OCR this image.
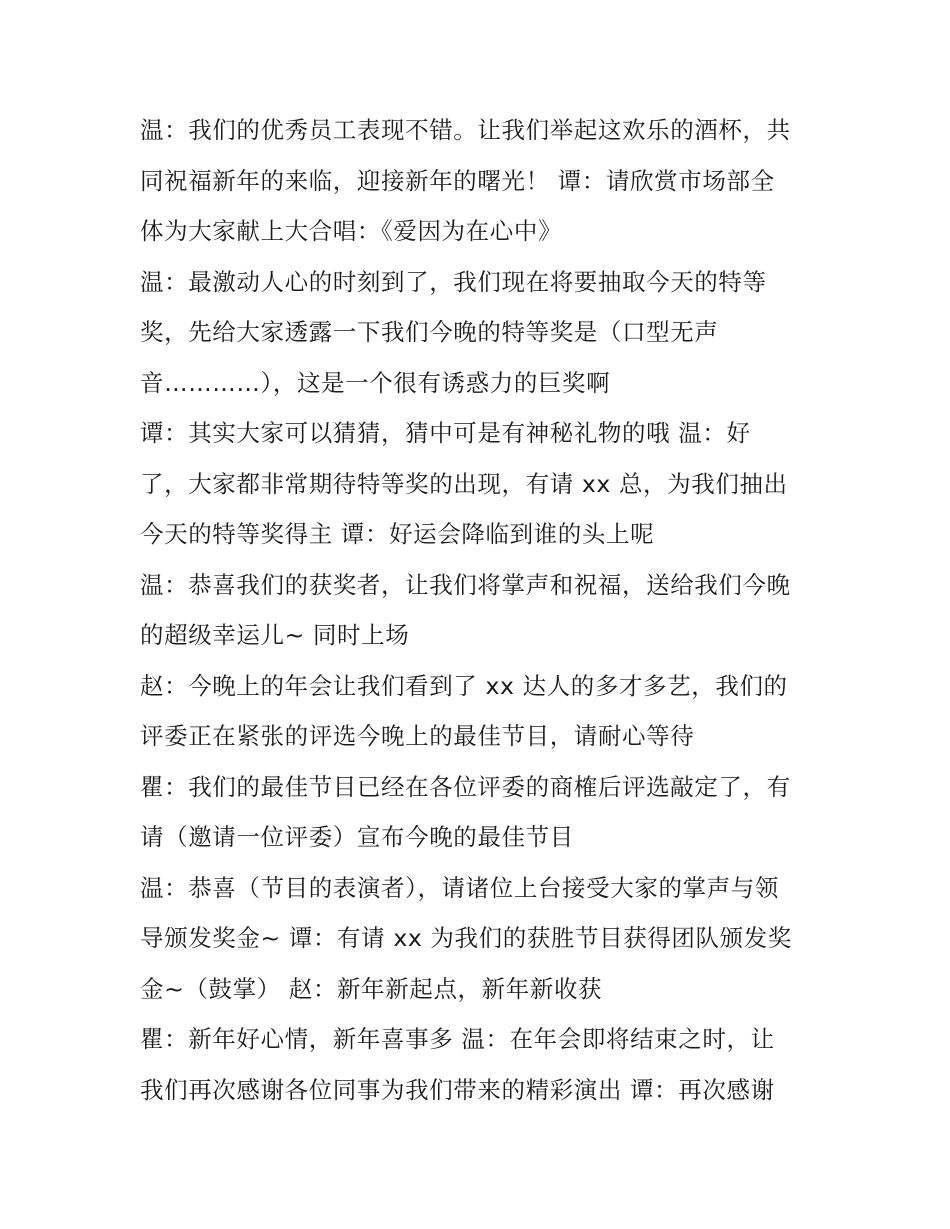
温：我们的优秀员工表现不错。让我们举起这欢乐的酒杯，共
同祝福新年的来临，迎接新年的曙光！ 谭：请欣赏市场部全
体为大家献上大合唱：《爱因为在心中》
温：最激动人心的时刻到了，我们现在将要抽取今天的特等
奖，先给大家透露一下我们今晚的特等奖是（口型无声
音…………），这是一个很有诱惑力的巨奖啊
谭：其实大家可以猜猜，猜中可是有神秘礼物的哦 温：好
了，大家都非常期待特等奖的出现，有请 xx 总，为我们抽出
今天的特等奖得主 谭：好运会降临到谁的头上呢
温：恭喜我们的获奖者，让我们将掌声和祝福，送给我们今晚
的超级幸运儿~ 同时上场
赵：今晚上的年会让我们看到了 xx 达人的多才多艺，我们的
评委正在紧张的评选今晚上的最佳节目，请耐心等待
瞿：我们的最佳节目已经在各位评委的商榷后评选敲定了，有
请（邀请一位评委）宣布今晚的最佳节目
温：恭喜（节目的表演者），请诸位上台接受大家的掌声与领
导颁发奖金~ 谭：有请 xx 为我们的获胜节目获得团队颁发奖
金~（鼓掌） 赵：新年新起点，新年新收获
瞿：新年好心情，新年喜事多 温：在年会即将结束之时，让
我们再次感谢各位同事为我们带来的精彩演出 谭：再次感谢
